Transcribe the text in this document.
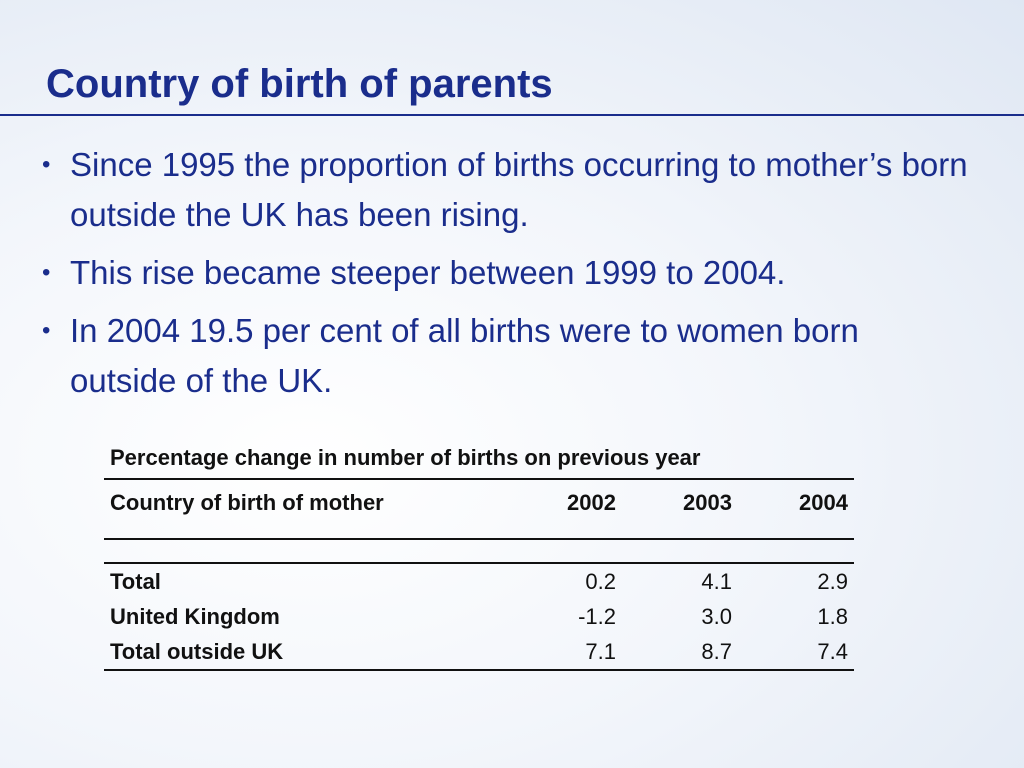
Country of birth of parents
• Since 1995 the proportion of births occurring to mother’s born outside the UK has been rising.
• This rise became steeper between 1999 to 2004.
• In 2004 19.5 per cent of all births were to women born outside of the UK.
Percentage change in number of births on previous year			
Country of birth of mother	2002	2003	2004

Total	0.2	4.1	2.9
United Kingdom	-1.2	3.0	1.8
Total outside UK	7.1	8.7	7.4
